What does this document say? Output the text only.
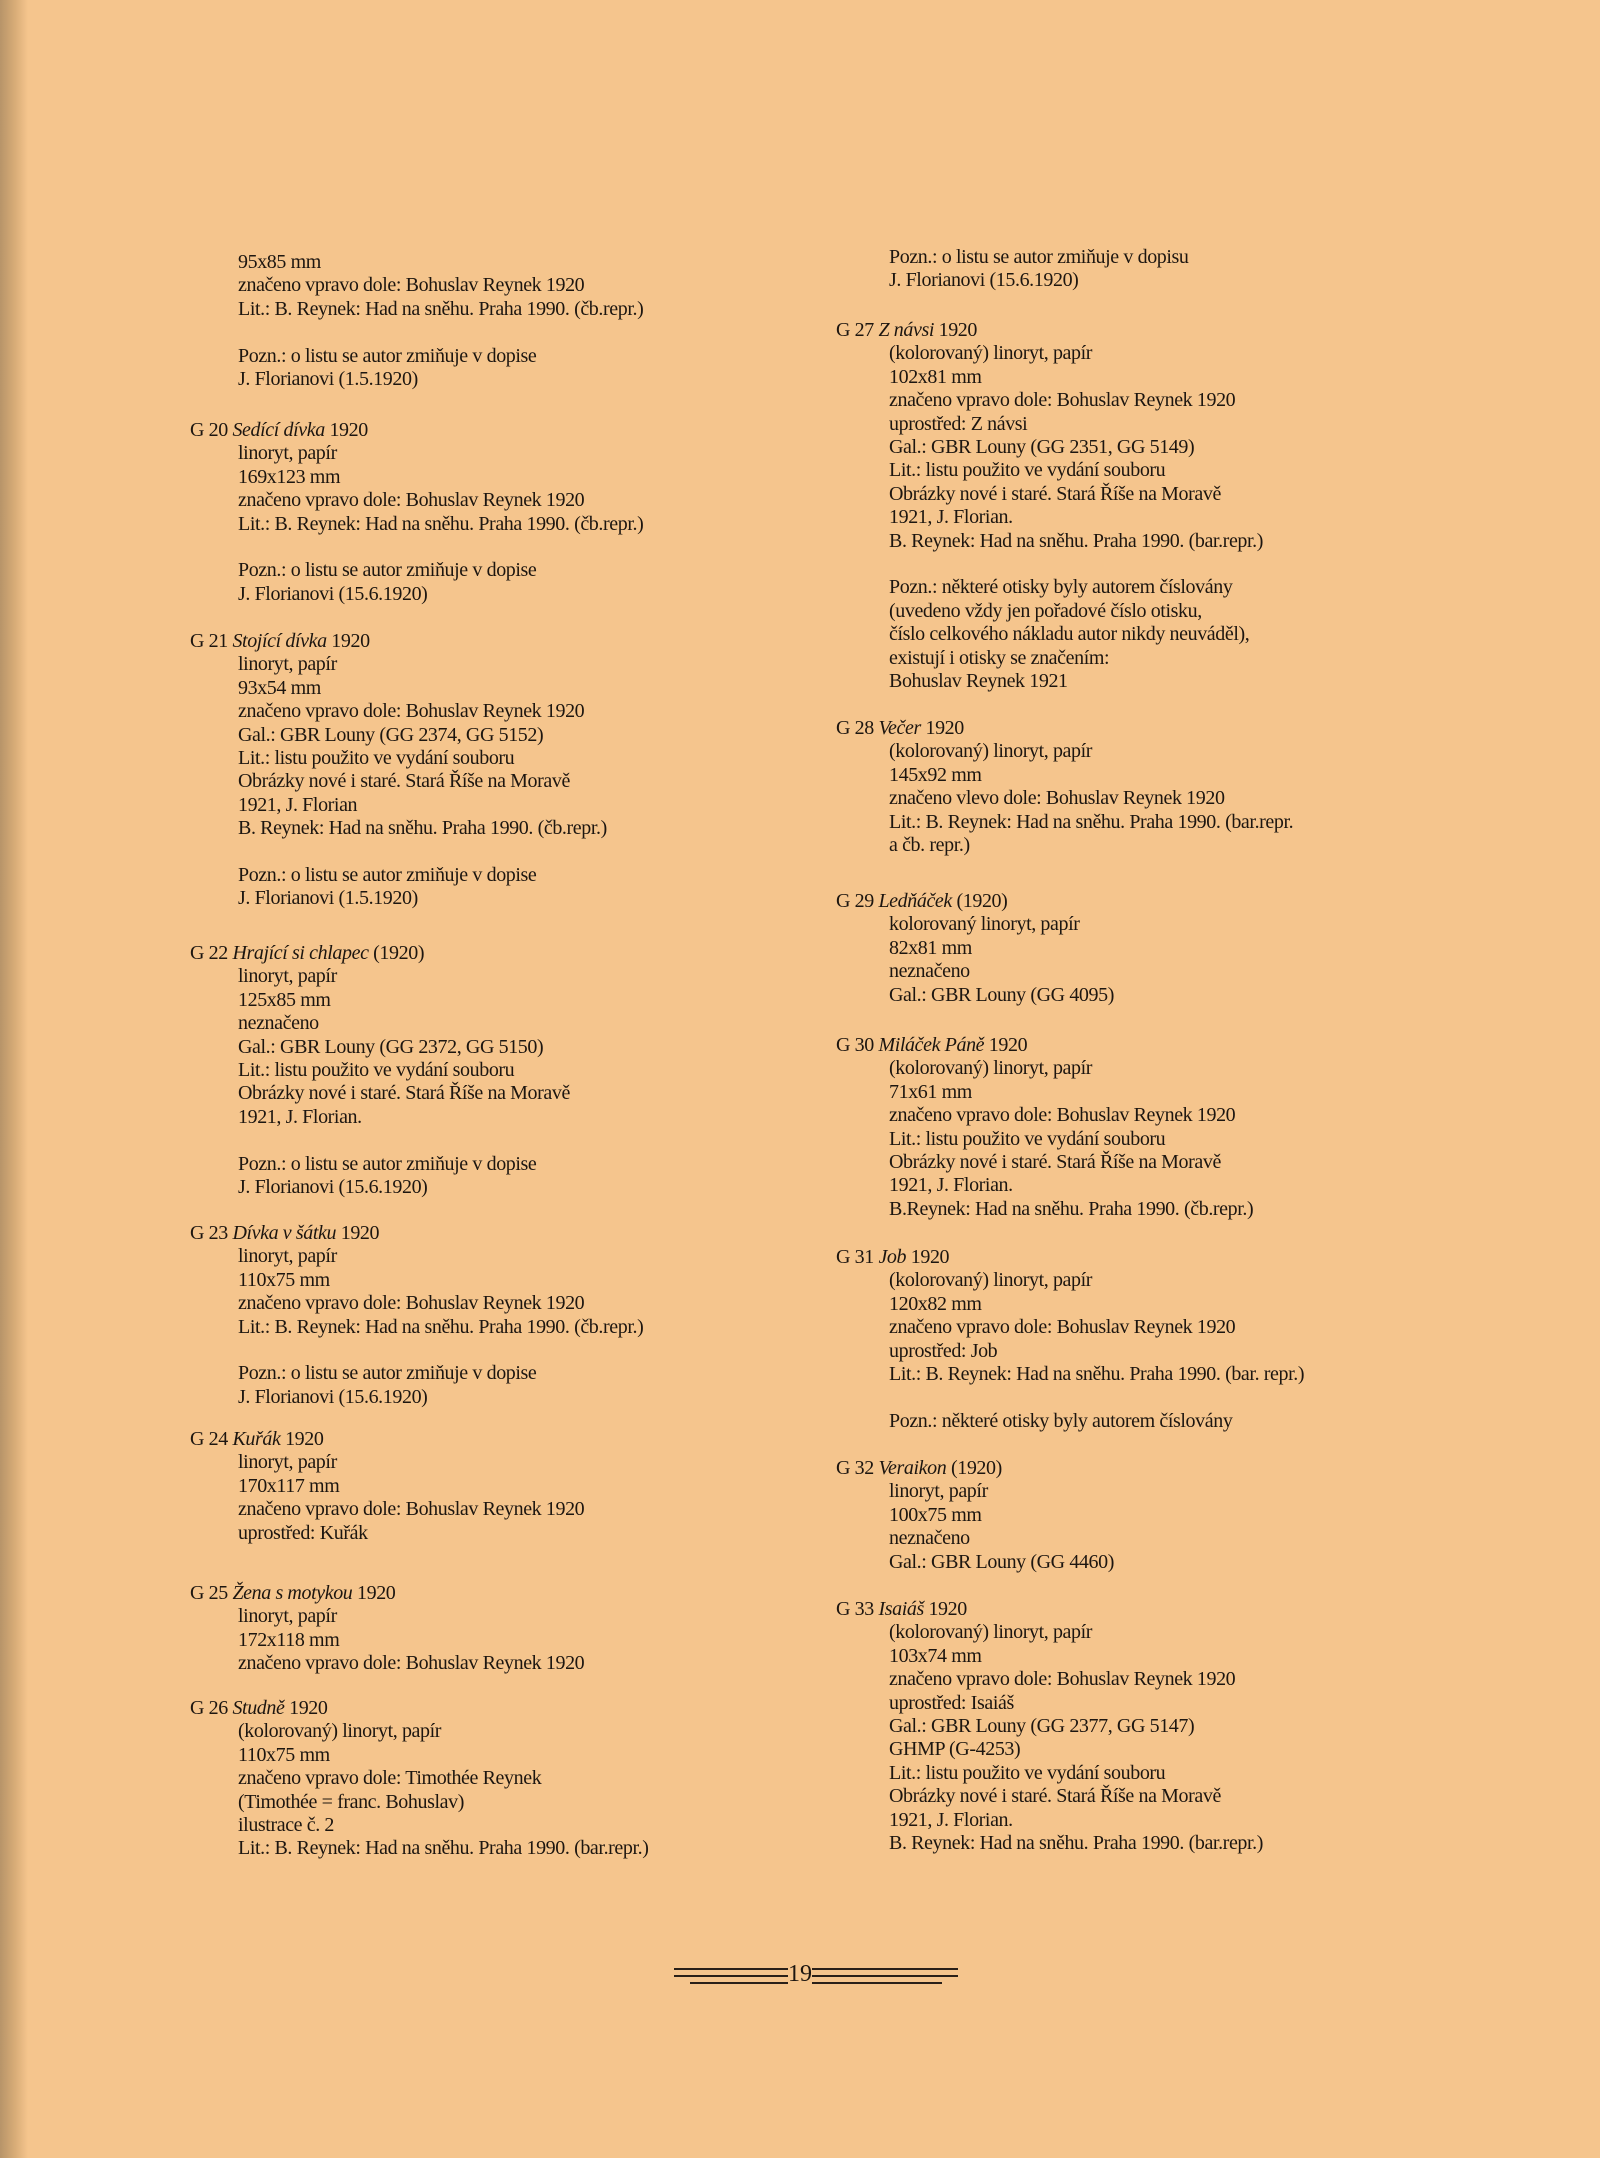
95x85 mm
značeno vpravo dole: Bohuslav Reynek 1920
Lit.: B. Reynek: Had na sněhu. Praha 1990. (čb.repr.)
Pozn.: o listu se autor zmiňuje v dopise
J. Florianovi (1.5.1920)
G 20 Sedící dívka 1920
linoryt, papír
169x123 mm
značeno vpravo dole: Bohuslav Reynek 1920
Lit.: B. Reynek: Had na sněhu. Praha 1990. (čb.repr.)
Pozn.: o listu se autor zmiňuje v dopise
J. Florianovi (15.6.1920)
G 21 Stojící dívka 1920
linoryt, papír
93x54 mm
značeno vpravo dole: Bohuslav Reynek 1920
Gal.: GBR Louny (GG 2374, GG 5152)
Lit.: listu použito ve vydání souboru
Obrázky nové i staré. Stará Říše na Moravě
1921, J. Florian
B. Reynek: Had na sněhu. Praha 1990. (čb.repr.)
Pozn.: o listu se autor zmiňuje v dopise
J. Florianovi (1.5.1920)
G 22 Hrající si chlapec (1920)
linoryt, papír
125x85 mm
neznačeno
Gal.: GBR Louny (GG 2372, GG 5150)
Lit.: listu použito ve vydání souboru
Obrázky nové i staré. Stará Říše na Moravě
1921, J. Florian.
Pozn.: o listu se autor zmiňuje v dopise
J. Florianovi (15.6.1920)
G 23 Dívka v šátku 1920
linoryt, papír
110x75 mm
značeno vpravo dole: Bohuslav Reynek 1920
Lit.: B. Reynek: Had na sněhu. Praha 1990. (čb.repr.)
Pozn.: o listu se autor zmiňuje v dopise
J. Florianovi (15.6.1920)
G 24 Kuřák 1920
linoryt, papír
170x117 mm
značeno vpravo dole: Bohuslav Reynek 1920
uprostřed: Kuřák
G 25 Žena s motykou 1920
linoryt, papír
172x118 mm
značeno vpravo dole: Bohuslav Reynek 1920
G 26 Studně 1920
(kolorovaný) linoryt, papír
110x75 mm
značeno vpravo dole: Timothée Reynek
(Timothée = franc. Bohuslav)
ilustrace č. 2
Lit.: B. Reynek: Had na sněhu. Praha 1990. (bar.repr.)
Pozn.: o listu se autor zmiňuje v dopisu
J. Florianovi (15.6.1920)
G 27 Z návsi 1920
(kolorovaný) linoryt, papír
102x81 mm
značeno vpravo dole: Bohuslav Reynek 1920
uprostřed: Z návsi
Gal.: GBR Louny (GG 2351, GG 5149)
Lit.: listu použito ve vydání souboru
Obrázky nové i staré. Stará Říše na Moravě
1921, J. Florian.
B. Reynek: Had na sněhu. Praha 1990. (bar.repr.)
Pozn.: některé otisky byly autorem číslovány
(uvedeno vždy jen pořadové číslo otisku,
číslo celkového nákladu autor nikdy neuváděl),
existují i otisky se značením:
Bohuslav Reynek 1921
G 28 Večer 1920
(kolorovaný) linoryt, papír
145x92 mm
značeno vlevo dole: Bohuslav Reynek 1920
Lit.: B. Reynek: Had na sněhu. Praha 1990. (bar.repr.
a čb. repr.)
G 29 Ledňáček (1920)
kolorovaný linoryt, papír
82x81 mm
neznačeno
Gal.: GBR Louny (GG 4095)
G 30 Miláček Páně 1920
(kolorovaný) linoryt, papír
71x61 mm
značeno vpravo dole: Bohuslav Reynek 1920
Lit.: listu použito ve vydání souboru
Obrázky nové i staré. Stará Říše na Moravě
1921, J. Florian.
B.Reynek: Had na sněhu. Praha 1990. (čb.repr.)
G 31 Job 1920
(kolorovaný) linoryt, papír
120x82 mm
značeno vpravo dole: Bohuslav Reynek 1920
uprostřed: Job
Lit.: B. Reynek: Had na sněhu. Praha 1990. (bar. repr.)
Pozn.: některé otisky byly autorem číslovány
G 32 Veraikon (1920)
linoryt, papír
100x75 mm
neznačeno
Gal.: GBR Louny (GG 4460)
G 33 Isaiáš 1920
(kolorovaný) linoryt, papír
103x74 mm
značeno vpravo dole: Bohuslav Reynek 1920
uprostřed: Isaiáš
Gal.: GBR Louny (GG 2377, GG 5147)
GHMP (G-4253)
Lit.: listu použito ve vydání souboru
Obrázky nové i staré. Stará Říše na Moravě
1921, J. Florian.
B. Reynek: Had na sněhu. Praha 1990. (bar.repr.)
19
